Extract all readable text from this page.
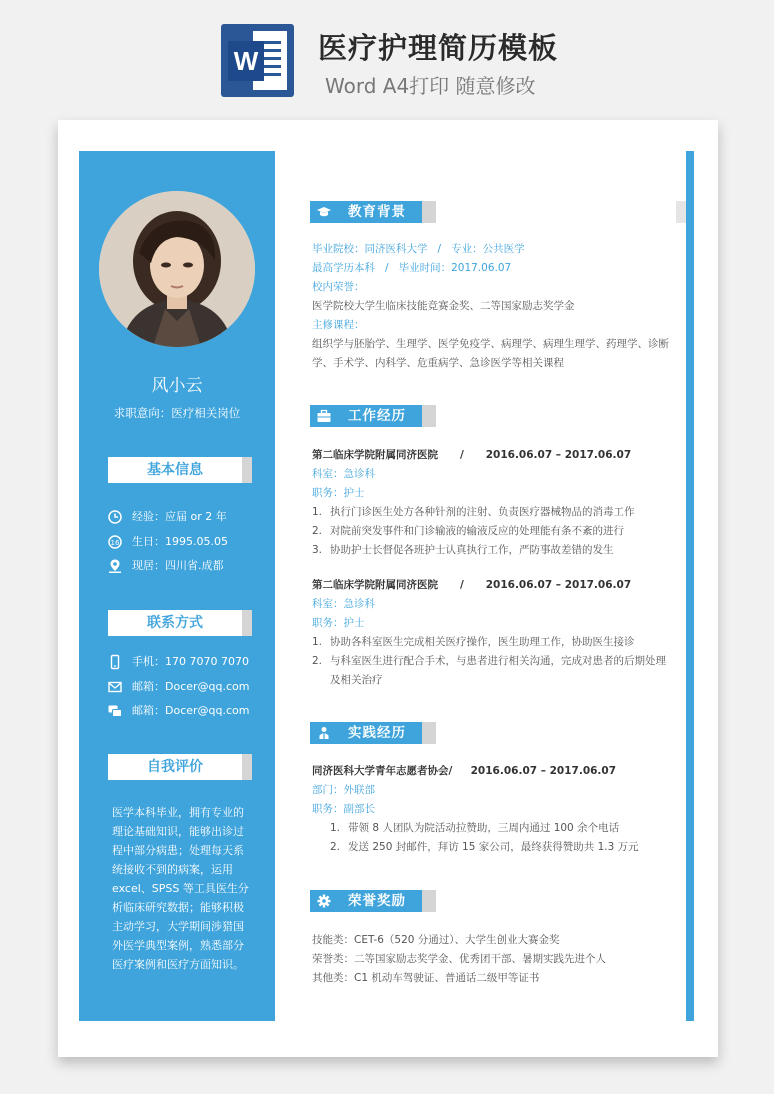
W 医疗护理简历模板
Word A4打印 随意修改
风小云
求职意向：医疗相关岗位
基本信息
经验：应届 or 2 年
16 生日：1995.05.05
现居：四川省.成都
联系方式
手机：170 7070 7070
邮箱：Docer@qq.com
邮箱：Docer@qq.com
自我评价
医学本科毕业，拥有专业的理论基础知识，能够出诊过程中部分病患；处理每天系统接收不到的病案，运用excel、SPSS 等工具医生分析临床研究数据；能够积极主动学习，大学期间涉猎国外医学典型案例，熟悉部分医疗案例和医疗方面知识。
教育背景
毕业院校：同济医科大学 / 专业：公共医学
最高学历本科 / 毕业时间：2017.06.07
校内荣誉：
医学院校大学生临床技能竞赛金奖、二等国家励志奖学金
主修课程：
组织学与胚胎学、生理学、医学免疫学、病理学、病理生理学、药理学、诊断学、手术学、内科学、危重病学、急诊医学等相关课程
工作经历
第二临床学院附属同济医院 / 2016.06.07 – 2017.06.07
科室：急诊科
职务：护士
1. 执行门诊医生处方各种针剂的注射、负责医疗器械物品的消毒工作
2. 对院前突发事件和门诊输液的输液反应的处理能有条不紊的进行
3. 协助护士长督促各班护士认真执行工作，严防事故差错的发生
第二临床学院附属同济医院 / 2016.06.07 – 2017.06.07
科室：急诊科
职务：护士
1. 协助各科室医生完成相关医疗操作，医生助理工作，协助医生接诊
2. 与科室医生进行配合手术，与患者进行相关沟通，完成对患者的后期处理及相关治疗
实践经历
同济医科大学青年志愿者协会/ 2016.06.07 – 2017.06.07
部门：外联部
职务：副部长
1. 带领 8 人团队为院活动拉赞助，三周内通过 100 余个电话
2. 发送 250 封邮件，拜访 15 家公司，最终获得赞助共 1.3 万元
荣誉奖励
技能类：CET-6（520 分通过）、大学生创业大赛金奖
荣誉类：二等国家励志奖学金、优秀团干部、暑期实践先进个人
其他类：C1 机动车驾驶证、普通话二级甲等证书
